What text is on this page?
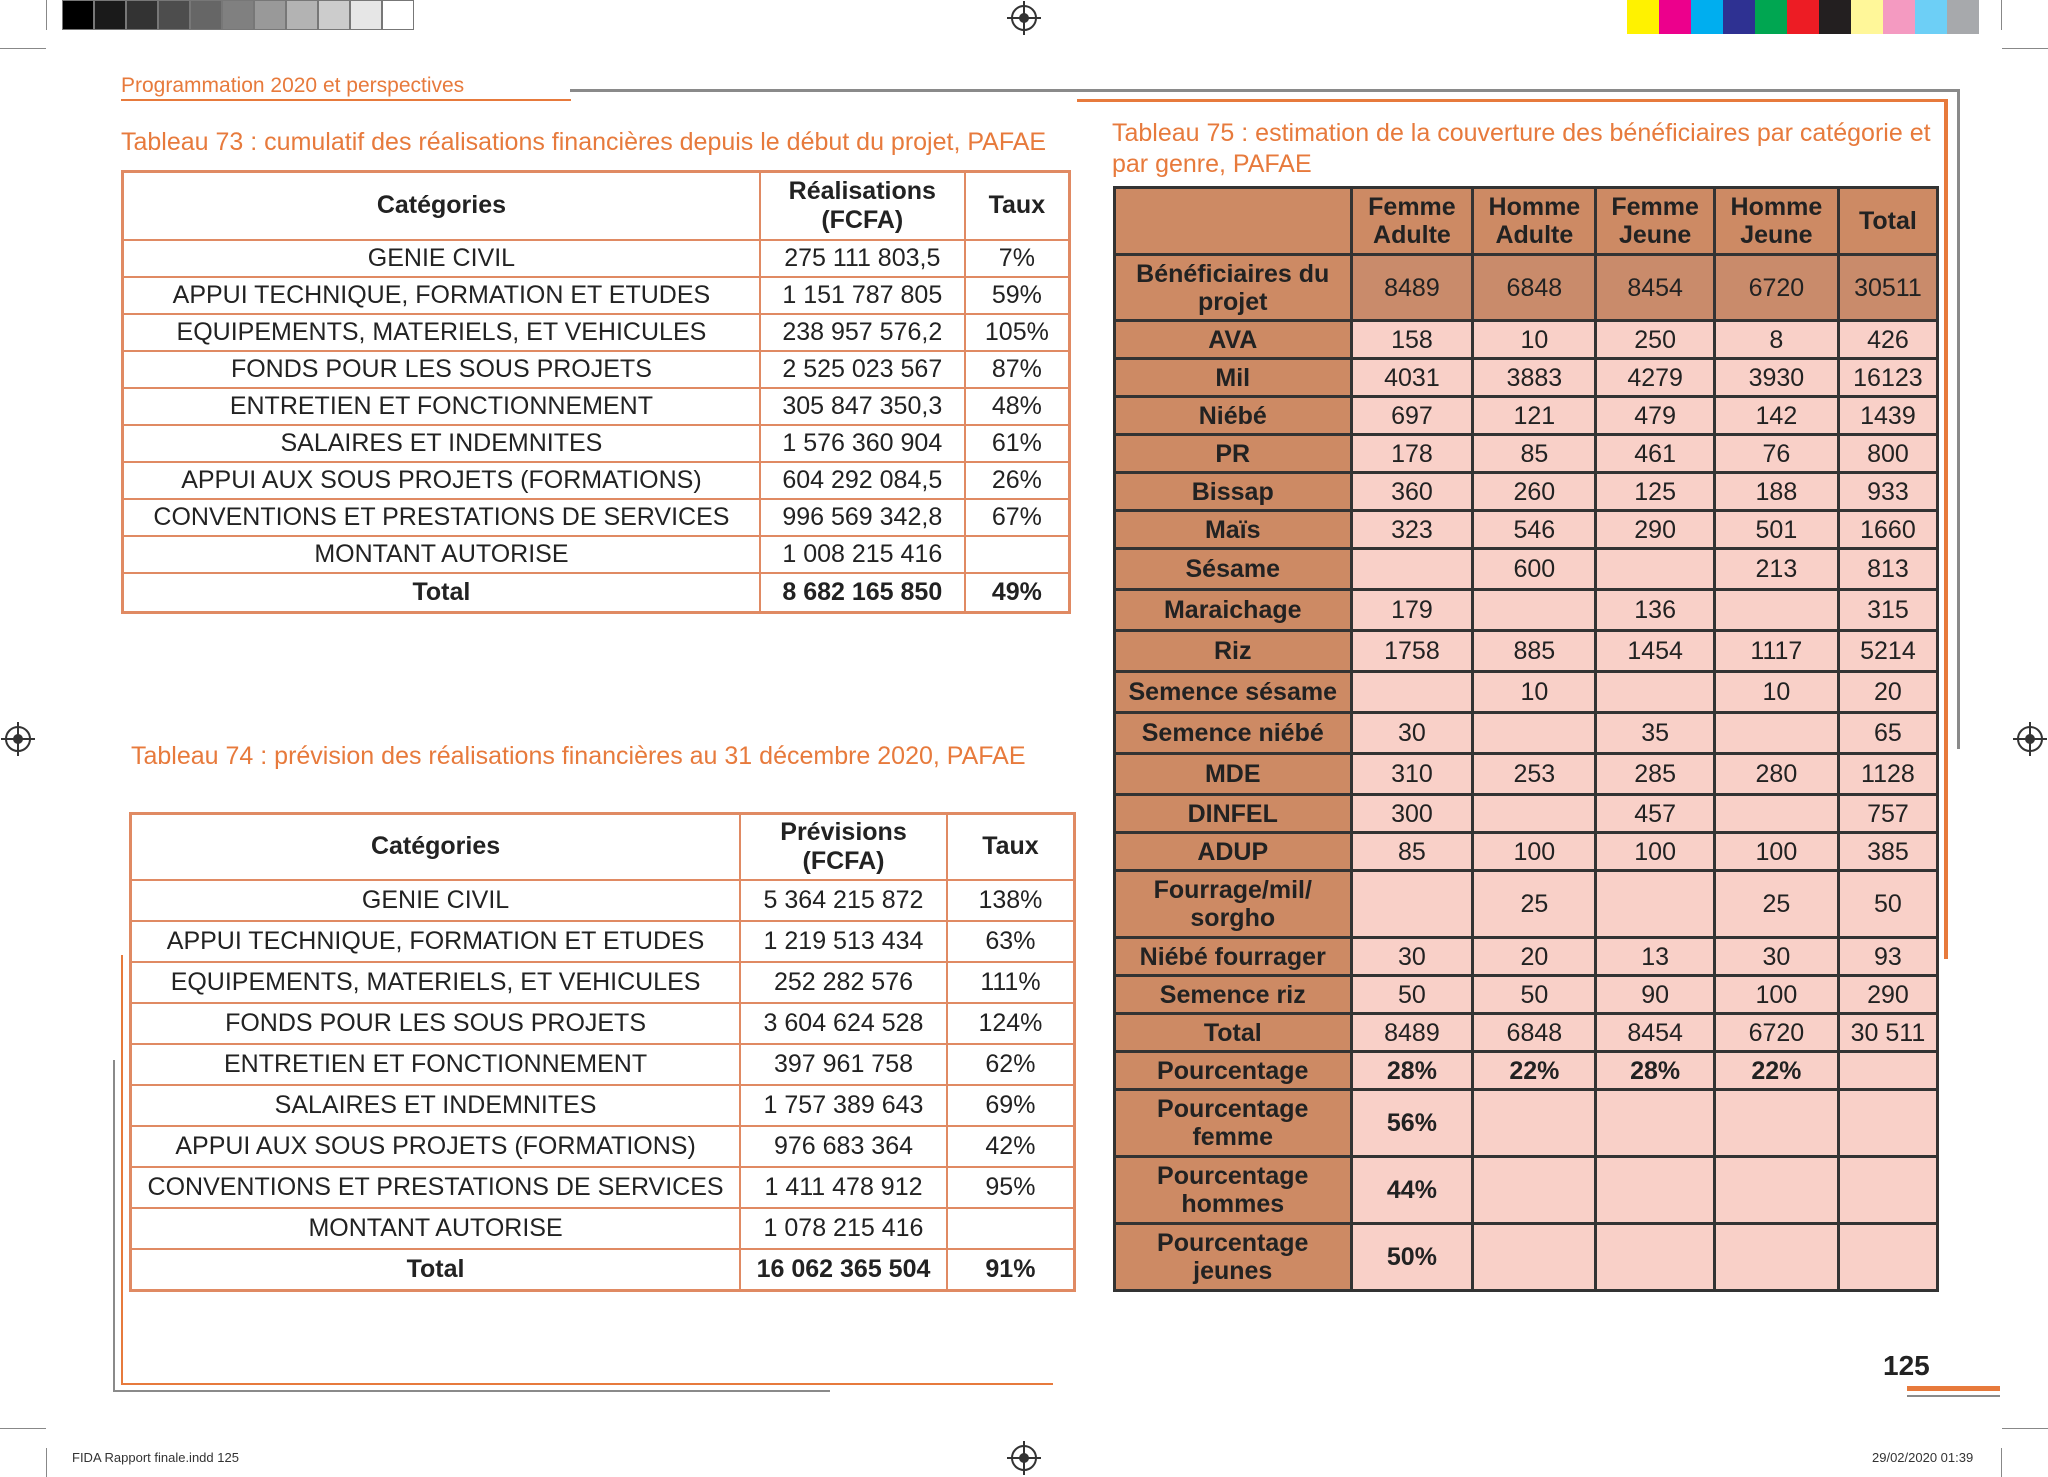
Programmation 2020 et perspectives
Tableau 73 : cumulatif des réalisations financières depuis le début du projet, PAFAE
Catégories	Réalisations (FCFA)	Taux
GENIE CIVIL	275 111 803,5	7%
APPUI TECHNIQUE, FORMATION ET ETUDES	1 151 787 805	59%
EQUIPEMENTS, MATERIELS, ET VEHICULES	238 957 576,2	105%
FONDS POUR LES SOUS PROJETS	2 525 023 567	87%
ENTRETIEN ET FONCTIONNEMENT	305 847 350,3	48%
SALAIRES ET INDEMNITES	1 576 360 904	61%
APPUI AUX SOUS PROJETS (FORMATIONS)	604 292 084,5	26%
CONVENTIONS ET PRESTATIONS DE SERVICES	996 569 342,8	67%
MONTANT AUTORISE	1 008 215 416	
Total	8 682 165 850	49%
Tableau 74 : prévision des réalisations financières au 31 décembre 2020, PAFAE
Catégories	Prévisions (FCFA)	Taux
GENIE CIVIL	5 364 215 872	138%
APPUI TECHNIQUE, FORMATION ET ETUDES	1 219 513 434	63%
EQUIPEMENTS, MATERIELS, ET VEHICULES	252 282 576	111%
FONDS POUR LES SOUS PROJETS	3 604 624 528	124%
ENTRETIEN ET FONCTIONNEMENT	397 961 758	62%
SALAIRES ET INDEMNITES	1 757 389 643	69%
APPUI AUX SOUS PROJETS (FORMATIONS)	976 683 364	42%
CONVENTIONS ET PRESTATIONS DE SERVICES	1 411 478 912	95%
MONTANT AUTORISE	1 078 215 416	
Total	16 062 365 504	91%
Tableau 75 : estimation de la couverture des bénéficiaires par catégorie et par genre, PAFAE
	Femme Adulte	Homme Adulte	Femme Jeune	Homme Jeune	Total
Bénéficiaires du projet	8489	6848	8454	6720	30511
AVA	158	10	250	8	426
Mil	4031	3883	4279	3930	16123
Niébé	697	121	479	142	1439
PR	178	85	461	76	800
Bissap	360	260	125	188	933
Maïs	323	546	290	501	1660
Sésame		600		213	813
Maraichage	179		136		315
Riz	1758	885	1454	1117	5214
Semence sésame		10		10	20
Semence niébé	30		35		65
MDE	310	253	285	280	1128
DINFEL	300		457		757
ADUP	85	100	100	100	385
Fourrage/mil/ sorgho		25		25	50
Niébé fourrager	30	20	13	30	93
Semence riz	50	50	90	100	290
Total	8489	6848	8454	6720	30 511
Pourcentage	28%	22%	28%	22%	
Pourcentage femme	56%				
Pourcentage hommes	44%				
Pourcentage jeunes	50%				
125
FIDA Rapport finale.indd 125	29/02/2020 01:39
